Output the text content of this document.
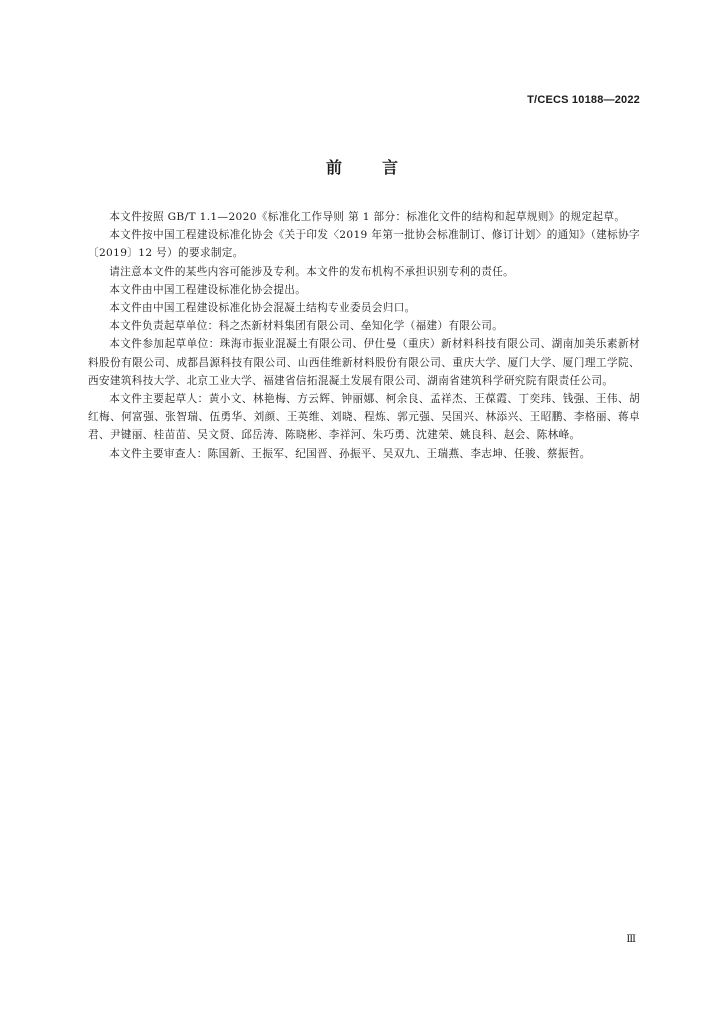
T/CECS 10188—2022
前言

本文件按照 GB/T 1.1—2020《标准化工作导则 第 1 部分：标准化文件的结构和起草规则》的规定起草。

本文件按中国工程建设标准化协会《关于印发〈2019 年第一批协会标准制订、修订计划〉的通知》（建标协字〔2019〕12 号）的要求制定。

请注意本文件的某些内容可能涉及专利。本文件的发布机构不承担识别专利的责任。

本文件由中国工程建设标准化协会提出。

本文件由中国工程建设标准化协会混凝土结构专业委员会归口。

本文件负责起草单位：科之杰新材料集团有限公司、垒知化学（福建）有限公司。

本文件参加起草单位：珠海市振业混凝土有限公司、伊仕曼（重庆）新材料科技有限公司、湖南加美乐素新材料股份有限公司、成都昌源科技有限公司、山西佳维新材料股份有限公司、重庆大学、厦门大学、厦门理工学院、西安建筑科技大学、北京工业大学、福建省信拓混凝土发展有限公司、湖南省建筑科学研究院有限责任公司。

本文件主要起草人：黄小文、林艳梅、方云辉、钟丽娜、柯余良、孟祥杰、王葆霞、丁奕玮、钱强、王伟、胡红梅、何富强、张智瑞、伍勇华、刘颜、王英维、刘晓、程炼、郭元强、吴国兴、林添兴、王昭鹏、李格丽、蒋卓君、尹键丽、桂苗苗、吴文贤、邱岳涛、陈晓彬、李祥河、朱巧勇、沈建荣、姚良科、赵会、陈林峰。

本文件主要审查人：陈国新、王振军、纪国晋、孙振平、吴双九、王瑞燕、李志坤、任骏、蔡振哲。

Ⅲ
